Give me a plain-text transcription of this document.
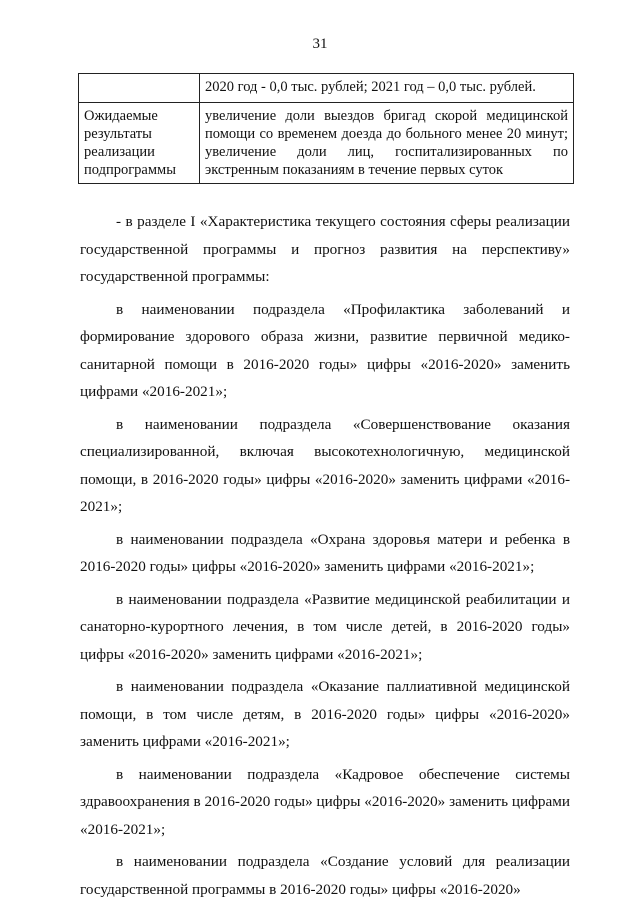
31
	2020 год - 0,0 тыс. рублей; 2021 год – 0,0 тыс. рублей.
Ожидаемые результаты реализации подпрограммы	увеличение доли выездов бригад скорой медицинской помощи со временем доезда до больного менее 20 минут; увеличение доли лиц, госпитализированных по экстренным показаниям в течение первых суток

- в разделе I «Характеристика текущего состояния сферы реализации государственной программы и прогноз развития на перспективу» государственной программы:

в наименовании подраздела «Профилактика заболеваний и формирование здорового образа жизни, развитие первичной медико-санитарной помощи в 2016-2020 годы» цифры «2016-2020» заменить цифрами «2016-2021»;

в наименовании подраздела «Совершенствование оказания специализированной, включая высокотехнологичную, медицинской помощи, в 2016-2020 годы» цифры «2016-2020» заменить цифрами «2016-2021»;

в наименовании подраздела «Охрана здоровья матери и ребенка в 2016-2020 годы» цифры «2016-2020» заменить цифрами «2016-2021»;

в наименовании подраздела «Развитие медицинской реабилитации и санаторно-курортного лечения, в том числе детей, в 2016-2020 годы» цифры «2016-2020» заменить цифрами «2016-2021»;

в наименовании подраздела «Оказание паллиативной медицинской помощи, в том числе детям, в 2016-2020 годы» цифры «2016-2020» заменить цифрами «2016-2021»;

в наименовании подраздела «Кадровое обеспечение системы здравоохранения в 2016-2020 годы» цифры «2016-2020» заменить цифрами «2016-2021»;

в наименовании подраздела «Создание условий для реализации государственной программы в 2016-2020 годы» цифры «2016-2020»
